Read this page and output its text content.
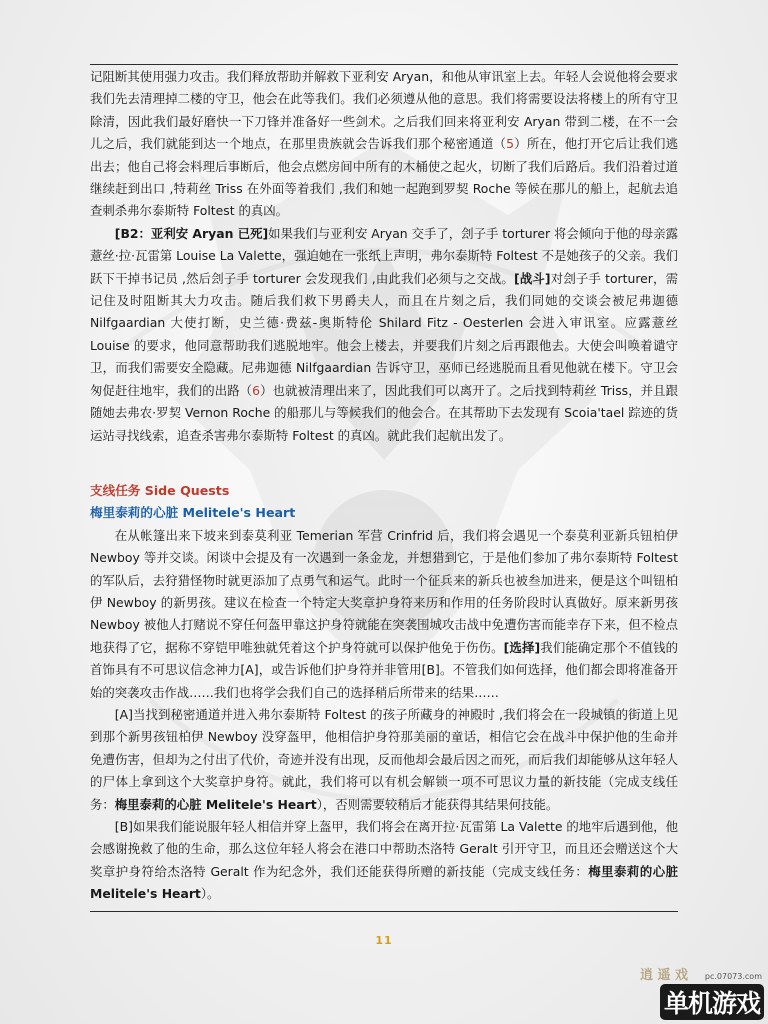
记阻断其使用强力攻击。我们释放帮助并解救下亚利安 Aryan，和他从审讯室上去。年轻人会说他将会要求我们先去清理掉二楼的守卫，他会在此等我们。我们必须遵从他的意思。我们将需要设法将楼上的所有守卫除清，因此我们最好磨快一下刀锋并准备好一些剑术。之后我们回来将亚利安 Aryan 带到二楼，在不一会儿之后，我们就能到达一个地点，在那里贵族就会告诉我们那个秘密通道（5）所在，他打开它后让我们逃出去；他自己将会料理后事断后，他会点燃房间中所有的木桶使之起火，切断了我们后路后。我们沿着过道继续赶到出口 ,特莉丝 Triss 在外面等着我们 ,我们和她一起跑到罗契 Roche 等候在那儿的船上，起航去追查刺杀弗尔泰斯特 Foltest 的真凶。

[B2：亚利安 Aryan 已死]如果我们与亚利安 Aryan 交手了，刽子手 torturer 将会倾向于他的母亲露薏丝·拉·瓦雷第 Louise La Valette，强迫她在一张纸上声明，弗尔泰斯特 Foltest 不是她孩子的父亲。我们跃下干掉书记员 ,然后刽子手 torturer 会发现我们 ,由此我们必须与之交战。[战斗]对刽子手 torturer，需记住及时阻断其大力攻击。随后我们救下男爵夫人，而且在片刻之后，我们同她的交谈会被尼弗迦德 Nilfgaardian 大使打断，史兰德·费兹-奥斯特伦 Shilard Fitz - Oesterlen 会进入审讯室。应露薏丝 Louise 的要求，他同意帮助我们逃脱地牢。他会上楼去，并要我们片刻之后再跟他去。大使会叫唤着谴守卫，而我们需要安全隐藏。尼弗迦德 Nilfgaardian 告诉守卫，巫师已经逃脱而且看见他就在楼下。守卫会匆促赶往地牢，我们的出路（6）也就被清理出来了，因此我们可以离开了。之后找到特莉丝 Triss，并且跟随她去弗农·罗契 Vernon Roche 的船那儿与等候我们的他会合。在其帮助下去发现有 Scoia'tael 踪迹的货运站寻找线索，追查杀害弗尔泰斯特 Foltest 的真凶。就此我们起航出发了。

支线任务 Side Quests
梅里泰莉的心脏 Melitele's Heart

在从帐篷出来下坡来到泰莫利亚 Temerian 军营 Crinfrid 后，我们将会遇见一个泰莫利亚新兵钮柏伊 Newboy 等并交谈。闲谈中会提及有一次遇到一条金龙，并想猎到它，于是他们参加了弗尔泰斯特 Foltest 的军队后，去狩猎怪物时就更添加了点勇气和运气。此时一个征兵来的新兵也被叁加进来，便是这个叫钮柏伊 Newboy 的新男孩。建议在检查一个特定大奖章护身符来历和作用的任务阶段时认真做好。原来新男孩 Newboy 被他人打赌说不穿任何盔甲靠这护身符就能在突袭围城攻击战中免遭伤害而能幸存下来，但不检点地获得了它，据称不穿铠甲唯独就凭着这个护身符就可以保护他免于伤伤。[选择]我们能确定那个不值钱的首饰具有不可思议信念神力[A]，或告诉他们护身符并非管用[B]。不管我们如何选择，他们都会即将准备开始的突袭攻击作战……我们也将学会我们自己的选择稍后所带来的结果……

[A]当找到秘密通道并进入弗尔泰斯特 Foltest 的孩子所藏身的神殿时 ,我们将会在一段城镇的街道上见到那个新男孩钮柏伊 Newboy 没穿盔甲，他相信护身符那美丽的童话，相信它会在战斗中保护他的生命并免遭伤害，但却为之付出了代价，奇迹并没有出现，反而他却会最后因之而死，而后我们却能够从这年轻人的尸体上拿到这个大奖章护身符。就此，我们将可以有机会解锁一项不可思议力量的新技能（完成支线任务：梅里泰莉的心脏 Melitele's Heart），否则需要较稍后才能获得其结果何技能。

[B]如果我们能说服年轻人相信并穿上盔甲，我们将会在离开拉·瓦雷第 La Valette 的地牢后遇到他，他会感谢挽救了他的生命，那么这位年轻人将会在港口中帮助杰洛特 Geralt 引开守卫，而且还会赠送这个大奖章护身符给杰洛特 Geralt 作为纪念外，我们还能获得所赠的新技能（完成支线任务：梅里泰莉的心脏 Melitele's Heart）。

11
逍 遥 戏 pc.07073.com
单机游戏
